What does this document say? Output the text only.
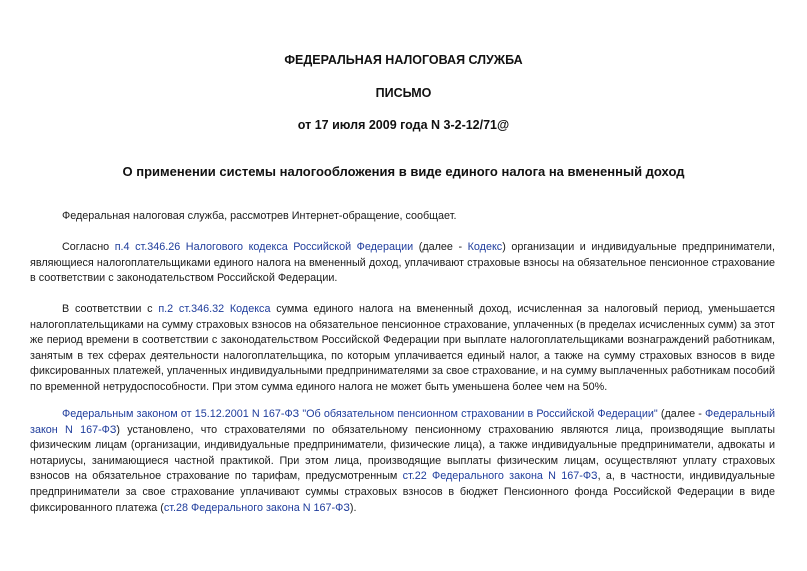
ФЕДЕРАЛЬНАЯ НАЛОГОВАЯ СЛУЖБА
ПИСЬМО
от 17 июля 2009 года N 3-2-12/71@
О применении системы налогообложения в виде единого налога на вмененный доход

Федеральная налоговая служба, рассмотрев Интернет-обращение, сообщает.

Согласно п.4 ст.346.26 Налогового кодекса Российской Федерации (далее - Кодекс) организации и индивидуальные предприниматели, являющиеся налогоплательщиками единого налога на вмененный доход, уплачивают страховые взносы на обязательное пенсионное страхование в соответствии с законодательством Российской Федерации.

В соответствии с п.2 ст.346.32 Кодекса сумма единого налога на вмененный доход, исчисленная за налоговый период, уменьшается налогоплательщиками на сумму страховых взносов на обязательное пенсионное страхование, уплаченных (в пределах исчисленных сумм) за этот же период времени в соответствии с законодательством Российской Федерации при выплате налогоплательщиками вознаграждений работникам, занятым в тех сферах деятельности налогоплательщика, по которым уплачивается единый налог, а также на сумму страховых взносов в виде фиксированных платежей, уплаченных индивидуальными предпринимателями за свое страхование, и на сумму выплаченных работникам пособий по временной нетрудоспособности. При этом сумма единого налога не может быть уменьшена более чем на 50%.

Федеральным законом от 15.12.2001 N 167-ФЗ "Об обязательном пенсионном страховании в Российской Федерации" (далее - Федеральный закон N 167-ФЗ) установлено, что страхователями по обязательному пенсионному страхованию являются лица, производящие выплаты физическим лицам (организации, индивидуальные предприниматели, физические лица), а также индивидуальные предприниматели, адвокаты и нотариусы, занимающиеся частной практикой. При этом лица, производящие выплаты физическим лицам, осуществляют уплату страховых взносов на обязательное страхование по тарифам, предусмотренным ст.22 Федерального закона N 167-ФЗ, а, в частности, индивидуальные предприниматели за свое страхование уплачивают суммы страховых взносов в бюджет Пенсионного фонда Российской Федерации в виде фиксированного платежа (ст.28 Федерального закона N 167-ФЗ).
